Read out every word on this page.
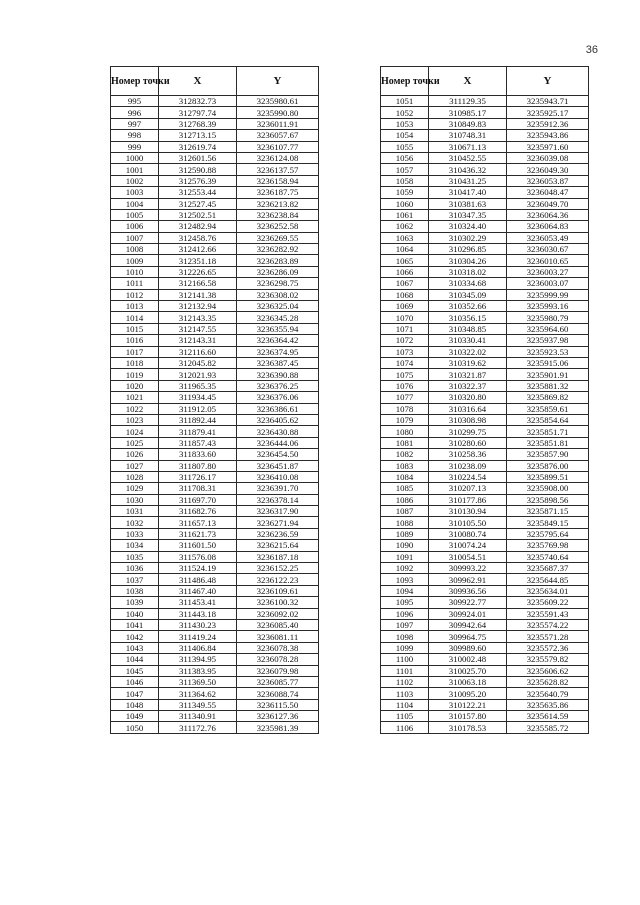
36
Номер точки	X	Y
995	312832.73	3235980.61
996	312797.74	3235990.80
997	312768.39	3236011.91
998	312713.15	3236057.67
999	312619.74	3236107.77
1000	312601.56	3236124.08
1001	312590.88	3236137.57
1002	312576.39	3236158.94
1003	312553.44	3236187.75
1004	312527.45	3236213.82
1005	312502.51	3236238.84
1006	312482.94	3236252.58
1007	312458.76	3236269.55
1008	312412.66	3236282.92
1009	312351.18	3236283.89
1010	312226.65	3236286.09
1011	312166.58	3236298.75
1012	312141.38	3236308.02
1013	312132.94	3236325.04
1014	312143.35	3236345.28
1015	312147.55	3236355.94
1016	312143.31	3236364.42
1017	312116.60	3236374.95
1018	312045.82	3236387.45
1019	312021.93	3236390.88
1020	311965.35	3236376.25
1021	311934.45	3236376.06
1022	311912.05	3236386.61
1023	311892.44	3236405.62
1024	311879.41	3236430.88
1025	311857.43	3236444.06
1026	311833.60	3236454.50
1027	311807.80	3236451.87
1028	311726.17	3236410.08
1029	311708.31	3236391.70
1030	311697.70	3236378.14
1031	311682.76	3236317.90
1032	311657.13	3236271.94
1033	311621.73	3236236.59
1034	311601.50	3236215.64
1035	311576.08	3236187.18
1036	311524.19	3236152.25
1037	311486.48	3236122.23
1038	311467.40	3236109.61
1039	311453.41	3236100.32
1040	311443.18	3236092.02
1041	311430.23	3236085.40
1042	311419.24	3236081.11
1043	311406.84	3236078.38
1044	311394.95	3236078.28
1045	311383.95	3236079.98
1046	311369.50	3236085.77
1047	311364.62	3236088.74
1048	311349.55	3236115.50
1049	311340.91	3236127.36
1050	311172.76	3235981.39
Номер точки	X	Y
1051	311129.35	3235943.71
1052	310985.17	3235925.17
1053	310849.83	3235912.36
1054	310748.31	3235943.86
1055	310671.13	3235971.60
1056	310452.55	3236039.08
1057	310436.32	3236049.30
1058	310431.25	3236053.87
1059	310417.40	3236048.47
1060	310381.63	3236049.70
1061	310347.35	3236064.36
1062	310324.40	3236064.83
1063	310302.29	3236053.49
1064	310296.85	3236030.67
1065	310304.26	3236010.65
1066	310318.02	3236003.27
1067	310334.68	3236003.07
1068	310345.09	3235999.99
1069	310352.66	3235993.16
1070	310356.15	3235980.79
1071	310348.85	3235964.60
1072	310330.41	3235937.98
1073	310322.02	3235923.53
1074	310319.62	3235915.06
1075	310321.87	3235901.91
1076	310322.37	3235881.32
1077	310320.80	3235869.82
1078	310316.64	3235859.61
1079	310308.98	3235854.64
1080	310299.75	3235851.71
1081	310280.60	3235851.81
1082	310258.36	3235857.90
1083	310238.09	3235876.00
1084	310224.54	3235899.51
1085	310207.13	3235908.00
1086	310177.86	3235898.56
1087	310130.94	3235871.15
1088	310105.50	3235849.15
1089	310080.74	3235795.64
1090	310074.24	3235769.98
1091	310054.51	3235740.64
1092	309993.22	3235687.37
1093	309962.91	3235644.85
1094	309936.56	3235634.01
1095	309922.77	3235609.22
1096	309924.01	3235591.43
1097	309942.64	3235574.22
1098	309964.75	3235571.28
1099	309989.60	3235572.36
1100	310002.48	3235579.82
1101	310025.70	3235606.62
1102	310063.18	3235628.82
1103	310095.20	3235640.79
1104	310122.21	3235635.86
1105	310157.80	3235614.59
1106	310178.53	3235585.72
